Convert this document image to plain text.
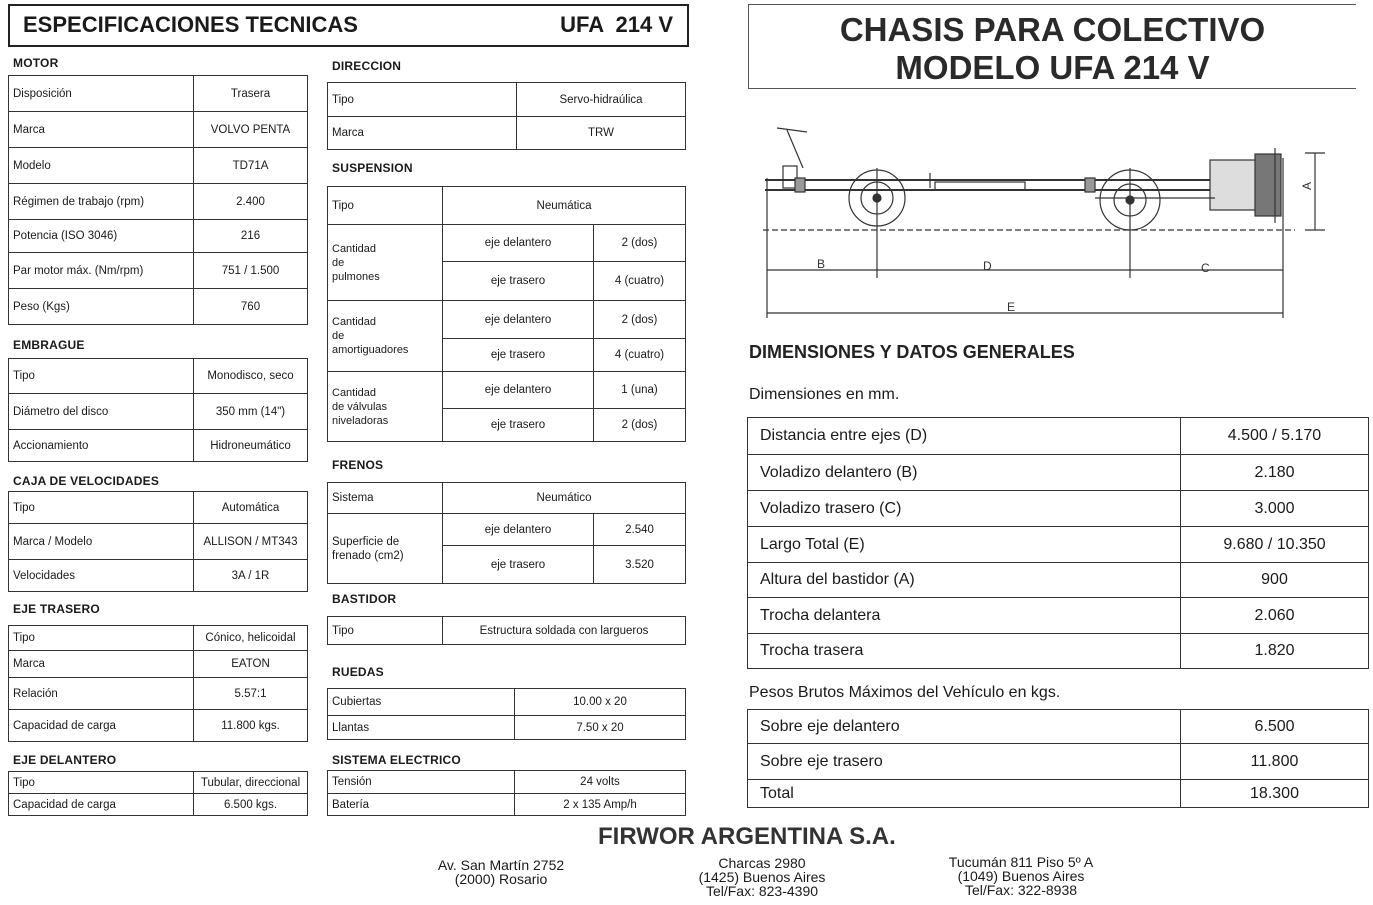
ESPECIFICACIONES TECNICAS	UFA  214 V
MOTOR
Disposición	Trasera
Marca	VOLVO PENTA
Modelo	TD71A
Régimen de trabajo (rpm)	2.400
Potencia (ISO 3046)	216
Par motor máx. (Nm/rpm)	751 / 1.500
Peso (Kgs)	760
EMBRAGUE
Tipo	Monodisco, seco
Diámetro del disco	350 mm (14")
Accionamiento	Hidroneumático
CAJA DE VELOCIDADES
Tipo	Automática
Marca / Modelo	ALLISON / MT343
Velocidades	3A / 1R
EJE TRASERO
Tipo	Cónico, helicoidal
Marca	EATON
Relación	5.57:1
Capacidad de carga	11.800 kgs.
EJE DELANTERO
Tipo	Tubular, direccional
Capacidad de carga	6.500 kgs.
DIRECCION
Tipo	Servo-hidraúlica
Marca	TRW
SUSPENSION
Tipo	Neumática	
Cantidad
de
pulmones	eje delantero	2 (dos)
	eje trasero	4 (cuatro)
Cantidad
de
amortiguadores	eje delantero	2 (dos)
	eje trasero	4 (cuatro)
Cantidad
de válvulas
niveladoras	eje delantero	1 (una)
	eje trasero	2 (dos)
FRENOS
Sistema	Neumático	
Superficie de
frenado (cm2)	eje delantero	2.540
	eje trasero	3.520
BASTIDOR
Tipo	Estructura soldada con largueros
RUEDAS
Cubiertas	10.00 x 20
Llantas	7.50 x 20
SISTEMA ELECTRICO
Tensión	24 volts
Batería	2 x 135 Amp/h
CHASIS PARA COLECTIVO
MODELO UFA 214 V
B	D	C
E
A
DIMENSIONES Y DATOS GENERALES
Dimensiones en mm.
Distancia entre ejes (D)	4.500 / 5.170
Voladizo delantero (B)	2.180
Voladizo trasero (C)	3.000
Largo Total (E)	9.680 / 10.350
Altura del bastidor (A)	900
Trocha delantera	2.060
Trocha trasera	1.820
Pesos Brutos Máximos del Vehículo en kgs.
Sobre eje delantero	6.500
Sobre eje trasero	11.800
Total	18.300
FIRWOR ARGENTINA S.A.
Av. San Martín 2752
(2000) Rosario
Charcas 2980
(1425) Buenos Aires
Tel/Fax: 823-4390
Tucumán 811 Piso 5º A
(1049) Buenos Aires
Tel/Fax: 322-8938
